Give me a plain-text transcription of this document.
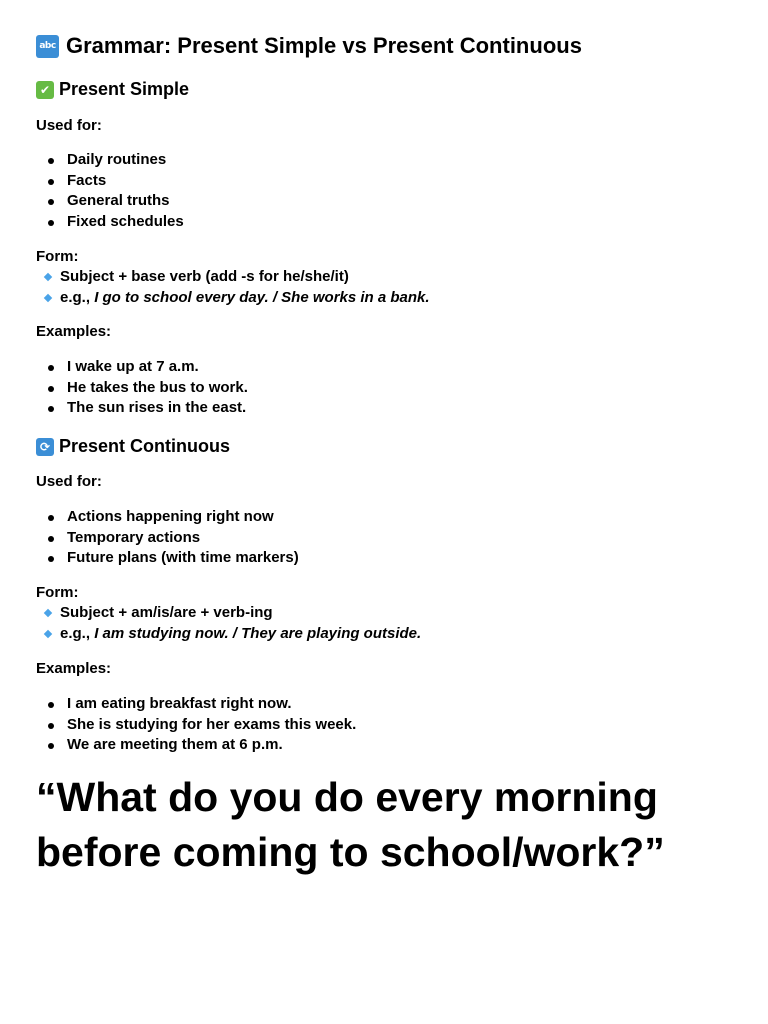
abc Grammar: Present Simple vs Present Continuous
✔ Present Simple
Used for:
Daily routines
Facts
General truths
Fixed schedules
Form:
Subject + base verb (add -s for he/she/it)
e.g., I go to school every day. / She works in a bank.
Examples:
I wake up at 7 a.m.
He takes the bus to work.
The sun rises in the east.
⟳ Present Continuous
Used for:
Actions happening right now
Temporary actions
Future plans (with time markers)
Form:
Subject + am/is/are + verb-ing
e.g., I am studying now. / They are playing outside.
Examples:
I am eating breakfast right now.
She is studying for her exams this week.
We are meeting them at 6 p.m.
“What do you do every morning before coming to school/work?”
